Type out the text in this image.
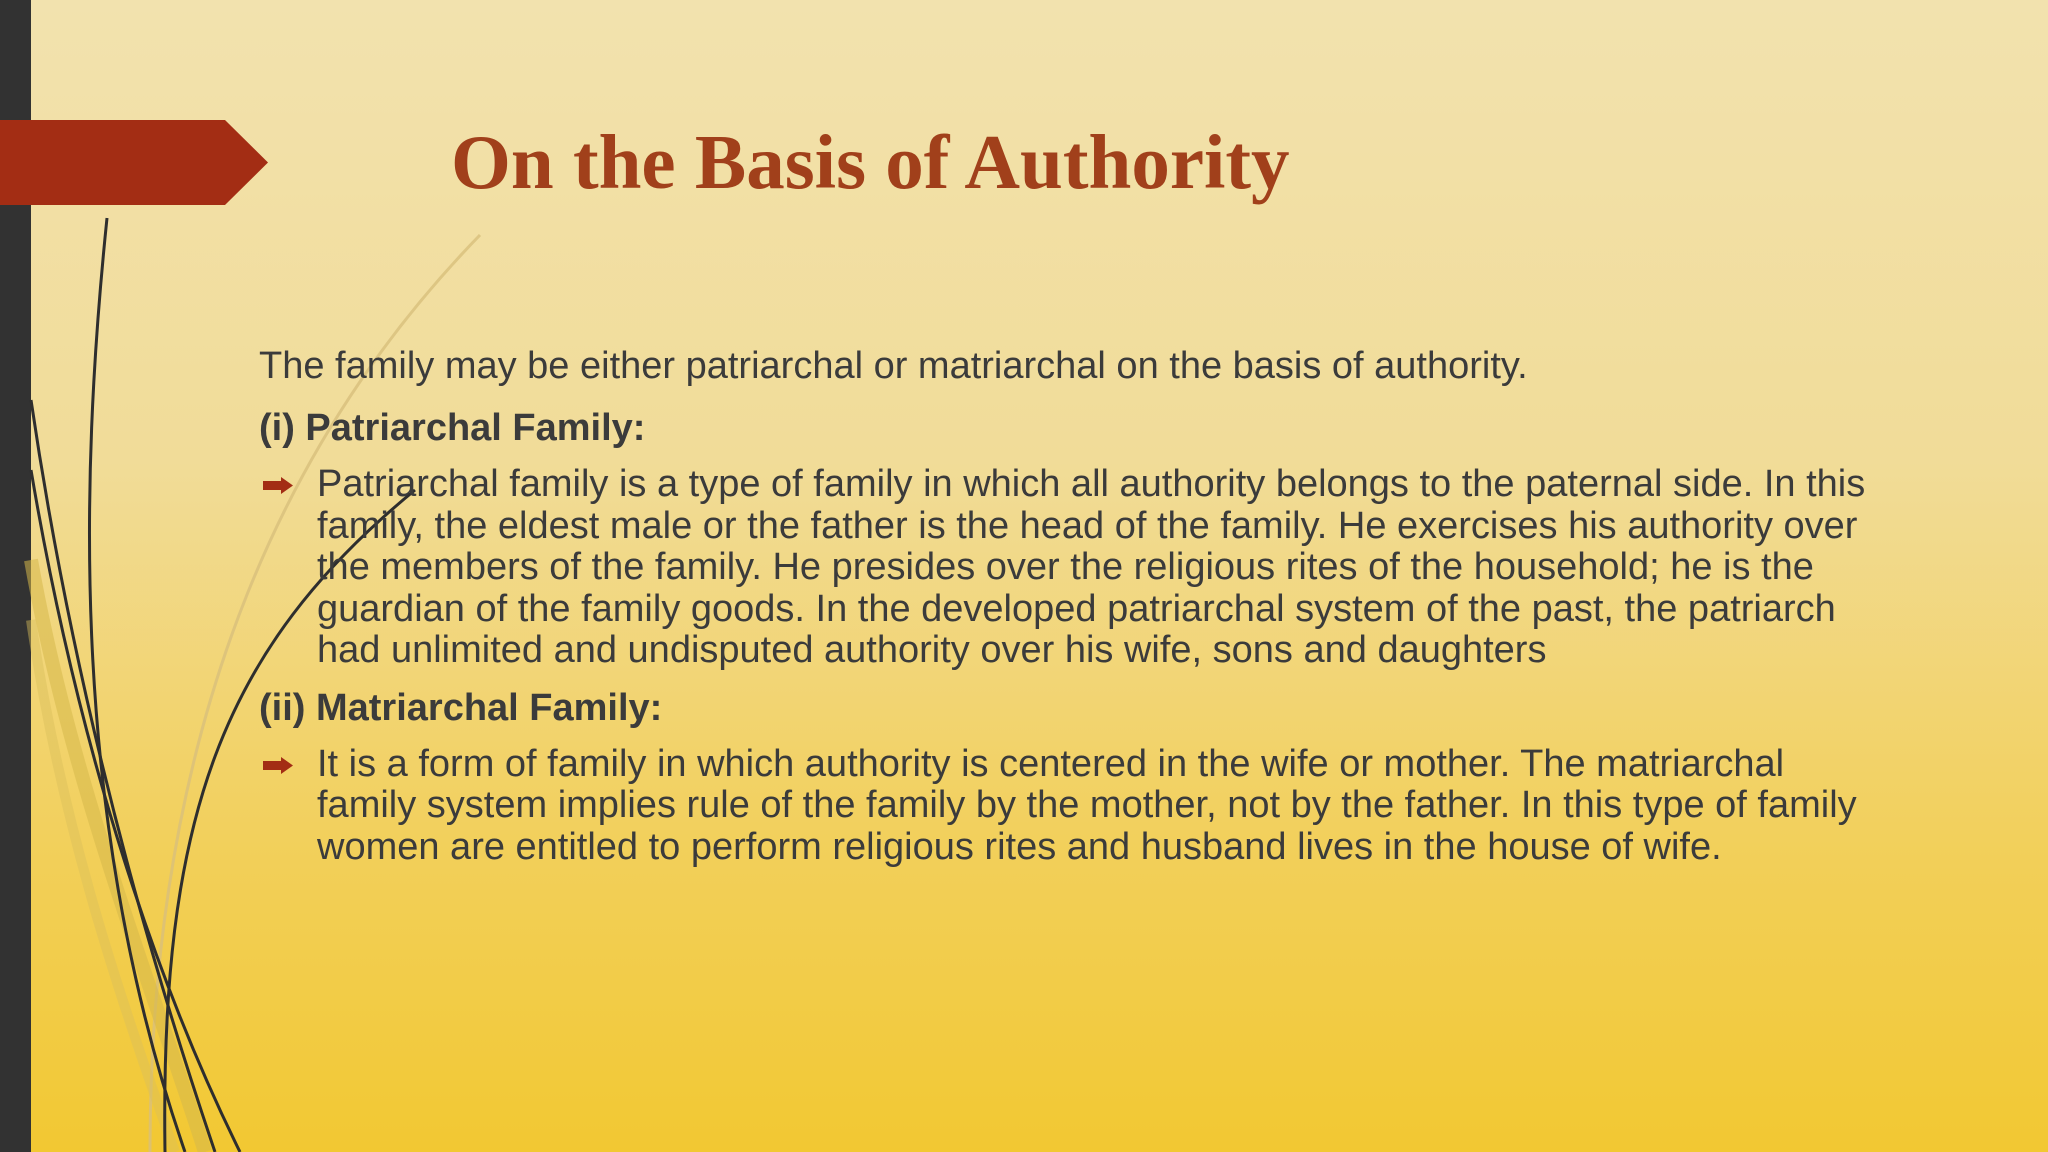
On the Basis of Authority

The family may be either patriarchal or matriarchal on the basis of authority.

(i) Patriarchal Family:

Patriarchal family is a type of family in which all authority belongs to the paternal side. In this family, the eldest male or the father is the head of the family. He exercises his authority over the members of the family. He presides over the religious rites of the household; he is the guardian of the family goods. In the developed patriarchal system of the past, the patriarch had unlimited and undisputed authority over his wife, sons and daughters

(ii) Matriarchal Family:

It is a form of family in which authority is centered in the wife or mother. The matriarchal family system implies rule of the family by the mother, not by the father. In this type of family women are entitled to perform religious rites and husband lives in the house of wife.
